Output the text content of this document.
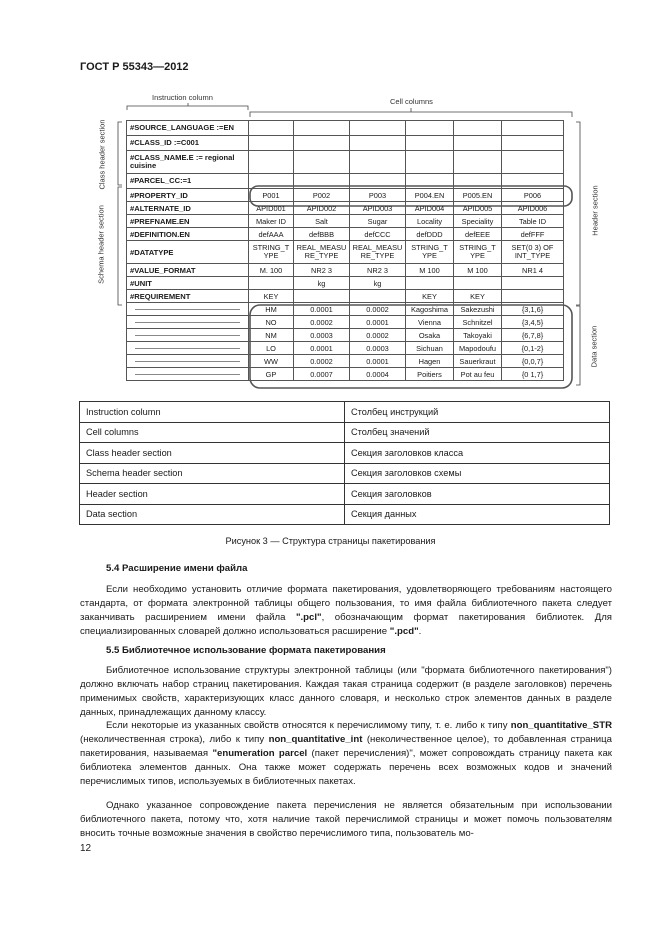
ГОСТ Р 55343—2012
Instruction column	Cell columns
Class header section
Schema header section	Header section
Data section
#SOURCE_LANGUAGE :=EN						
#CLASS_ID :=C001						
#CLASS_NAME.E := regional cuisine						
#PARCEL_CC:=1						
#PROPERTY_ID	P001	P002	P003	P004.EN	P005.EN	P006
#ALTERNATE_ID	APID001	APID002	APID003	APID004	APID005	APID006
#PREFNAME.EN	Maker ID	Salt	Sugar	Locality	Speciality	Table ID
#DEFINITION.EN	defAAA	defBBB	defCCC	defDDD	defEEE	defFFF
#DATATYPE	STRING_T YPE	REAL_MEASU RE_TYPE	REAL_MEASU RE_TYPE	STRING_T YPE	STRING_T YPE	SET(0 3) OF INT_TYPE
#VALUE_FORMAT	M. 100	NR2 3	NR2 3	M 100	M 100	NR1 4
#UNIT		kg	kg			
#REQUIREMENT	KEY			KEY	KEY	
	HM	0.0001	0.0002	Kagoshima	Sakezushi	{3,1,6}
	NO	0.0002	0.0001	Vienna	Schnitzel	{3,4,5}
	NM	0.0003	0.0002	Osaka	Takoyaki	{6,7,8}
	LO	0.0001	0.0003	Sichuan	Mapodoufu	{0,1-2}
	WW	0.0002	0.0001	Hagen	Sauerkraut	{0,0,7}
	GP	0.0007	0.0004	Poitiers	Pot au feu	{0 1,7}
Instruction column	Столбец инструкций
Cell columns	Столбец значений
Class header section	Секция заголовков класса
Schema header section	Секция заголовков схемы
Header section	Секция заголовков
Data section	Секция данных
Рисунок 3 — Структура страницы пакетирования
5.4 Расширение имени файла

Если необходимо установить отличие формата пакетирования, удовлетворяющего требованиям настоящего стандарта, от формата электронной таблицы общего пользования, то имя файла библиотечного пакета следует заканчивать расширением имени файла ".pcl", обозначающим формат пакетирования библиотек. Для специализированных словарей должно использоваться расширение ".pcd".

5.5 Библиотечное использование формата пакетирования

Библиотечное использование структуры электронной таблицы (или "формата библиотечного пакетирования") должно включать набор страниц пакетирования. Каждая такая страница содержит (в разделе заголовков) перечень применимых свойств, характеризующих класс данного словаря, и несколько строк элементов данных в разделе данных, принадлежащих данному классу.

Если некоторые из указанных свойств относятся к перечислимому типу, т. е. либо к типу non_quantitative_STR (неколичественная строка), либо к типу non_quantitative_int (неколичественное целое), то добавленная страница пакетирования, называемая "enumeration parcel (пакет перечисления)", может сопровождать страницу пакета как библиотека элементов данных. Она также может содержать перечень всех возможных кодов и значений перечислимых типов, используемых в библиотечных пакетах.

Однако указанное сопровождение пакета перечисления не является обязательным при использовании библиотечного пакета, потому что, хотя наличие такой перечислимой страницы и может помочь пользователям вносить точные возможные значения в свойство перечислимого типа, пользователь мо-

12
